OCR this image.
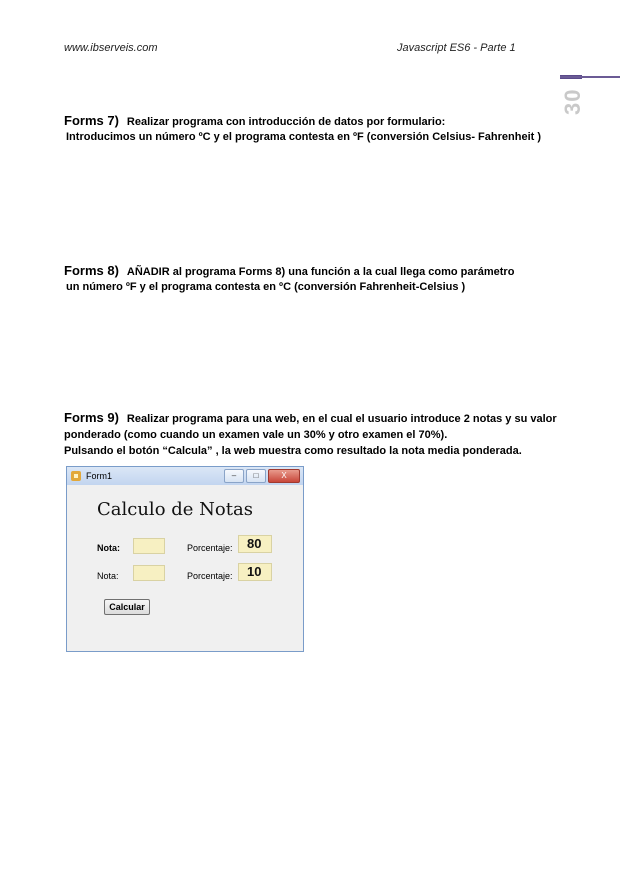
www.ibserveis.com	Javascript ES6 - Parte 1
30
Forms 7) Realizar programa con introducción de datos por formulario:
Introducimos un número ºC y el programa contesta en ºF (conversión Celsius- Fahrenheit )
Forms 8) AÑADIR al programa Forms 8) una función a la cual llega como parámetro
un número ºF y el programa contesta en ºC (conversión Fahrenheit-Celsius )
Forms 9) Realizar programa para una web, en el cual el usuario introduce 2 notas y su valor
ponderado (como cuando un examen vale un 30% y otro examen el 70%).
Pulsando el botón “Calcula” , la web muestra como resultado la nota media ponderada.
Form1	–	□	X
Calculo de Notas
Nota:	Porcentaje:	80
Nota:	Porcentaje:	10
Calcular
